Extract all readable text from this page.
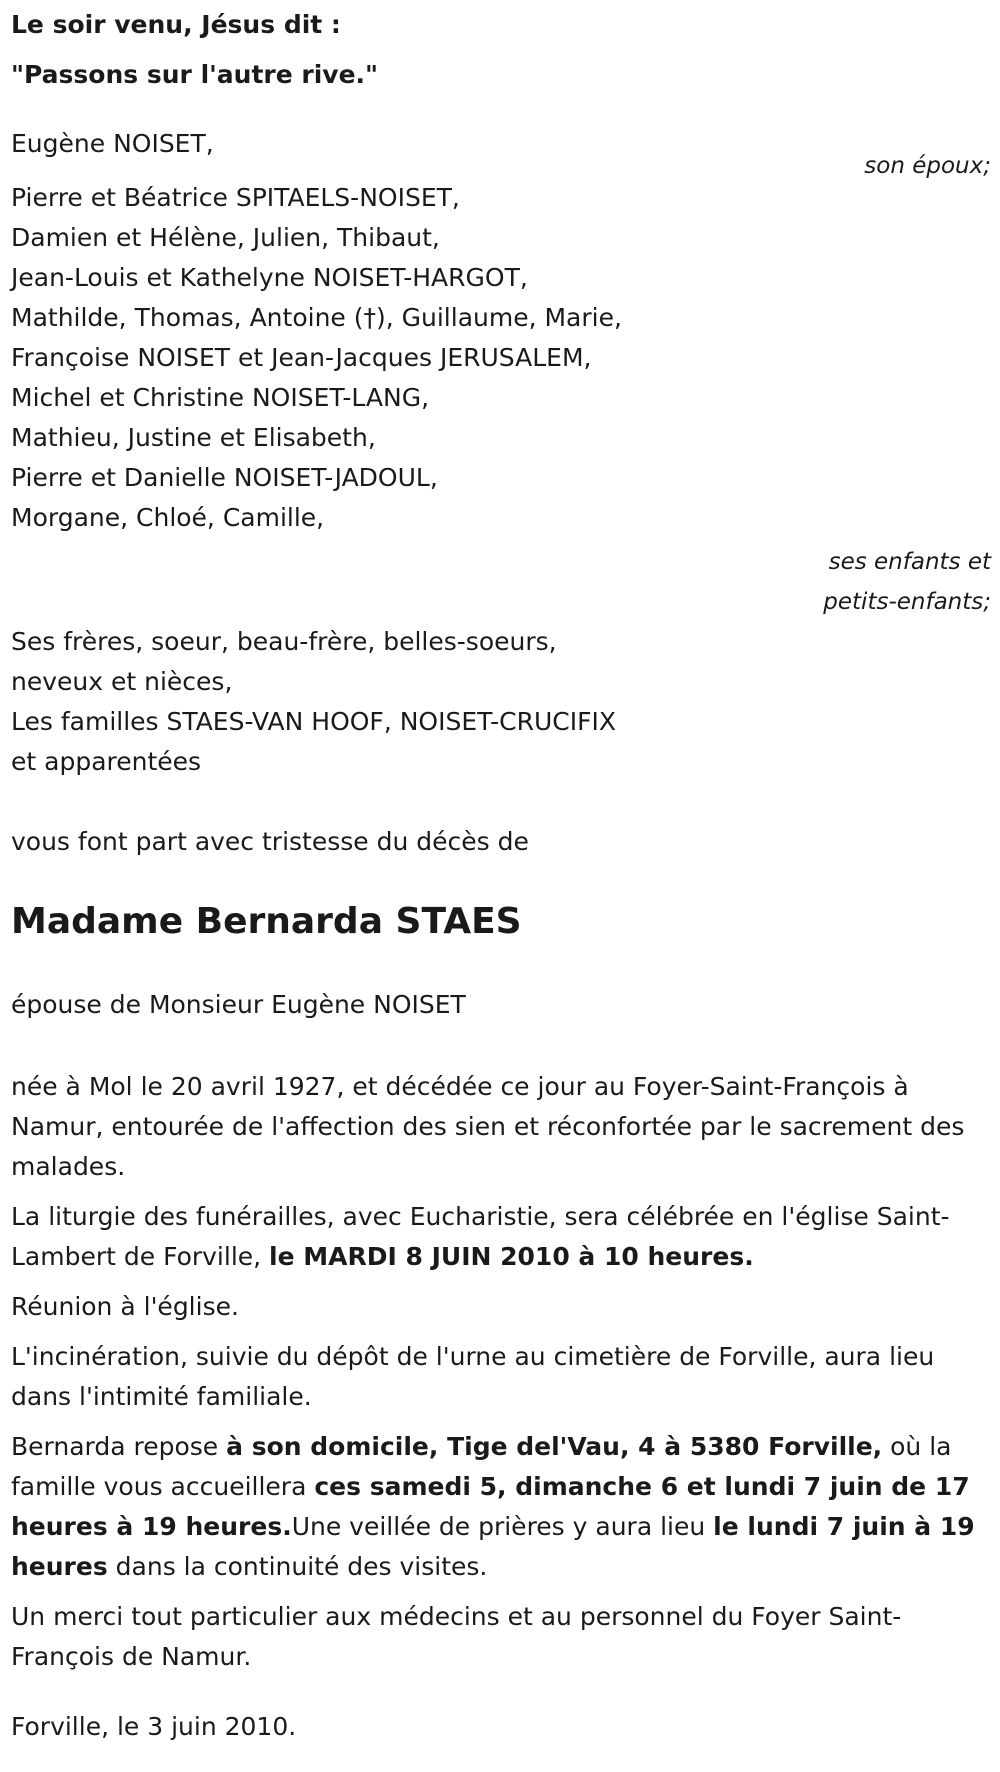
Le soir venu, Jésus dit :
"Passons sur l'autre rive."
Eugène NOISET,
son époux;
Pierre et Béatrice SPITAELS-NOISET,
Damien et Hélène, Julien, Thibaut,
Jean-Louis et Kathelyne NOISET-HARGOT,
Mathilde, Thomas, Antoine (†), Guillaume, Marie,
Françoise NOISET et Jean-Jacques JERUSALEM,
Michel et Christine NOISET-LANG,
Mathieu, Justine et Elisabeth,
Pierre et Danielle NOISET-JADOUL,
Morgane, Chloé, Camille,
ses enfants et
petits-enfants;
Ses frères, soeur, beau-frère, belles-soeurs,
neveux et nièces,
Les familles STAES-VAN HOOF, NOISET-CRUCIFIX
et apparentées
vous font part avec tristesse du décès de
Madame Bernarda STAES
épouse de Monsieur Eugène NOISET
née à Mol le 20 avril 1927, et décédée ce jour au Foyer-Saint-François à Namur, entourée de l'affection des sien et réconfortée par le sacrement des malades.
La liturgie des funérailles, avec Eucharistie, sera célébrée en l'église Saint-Lambert de Forville, le MARDI 8 JUIN 2010 à 10 heures.
Réunion à l'église.
L'incinération, suivie du dépôt de l'urne au cimetière de Forville, aura lieu dans l'intimité familiale.
Bernarda repose à son domicile, Tige del'Vau, 4 à 5380 Forville, où la famille vous accueillera ces samedi 5, dimanche 6 et lundi 7 juin de 17 heures à 19 heures.Une veillée de prières y aura lieu le lundi 7 juin à 19 heures dans la continuité des visites.
Un merci tout particulier aux médecins et au personnel du Foyer Saint-François de Namur.
Forville, le 3 juin 2010.
